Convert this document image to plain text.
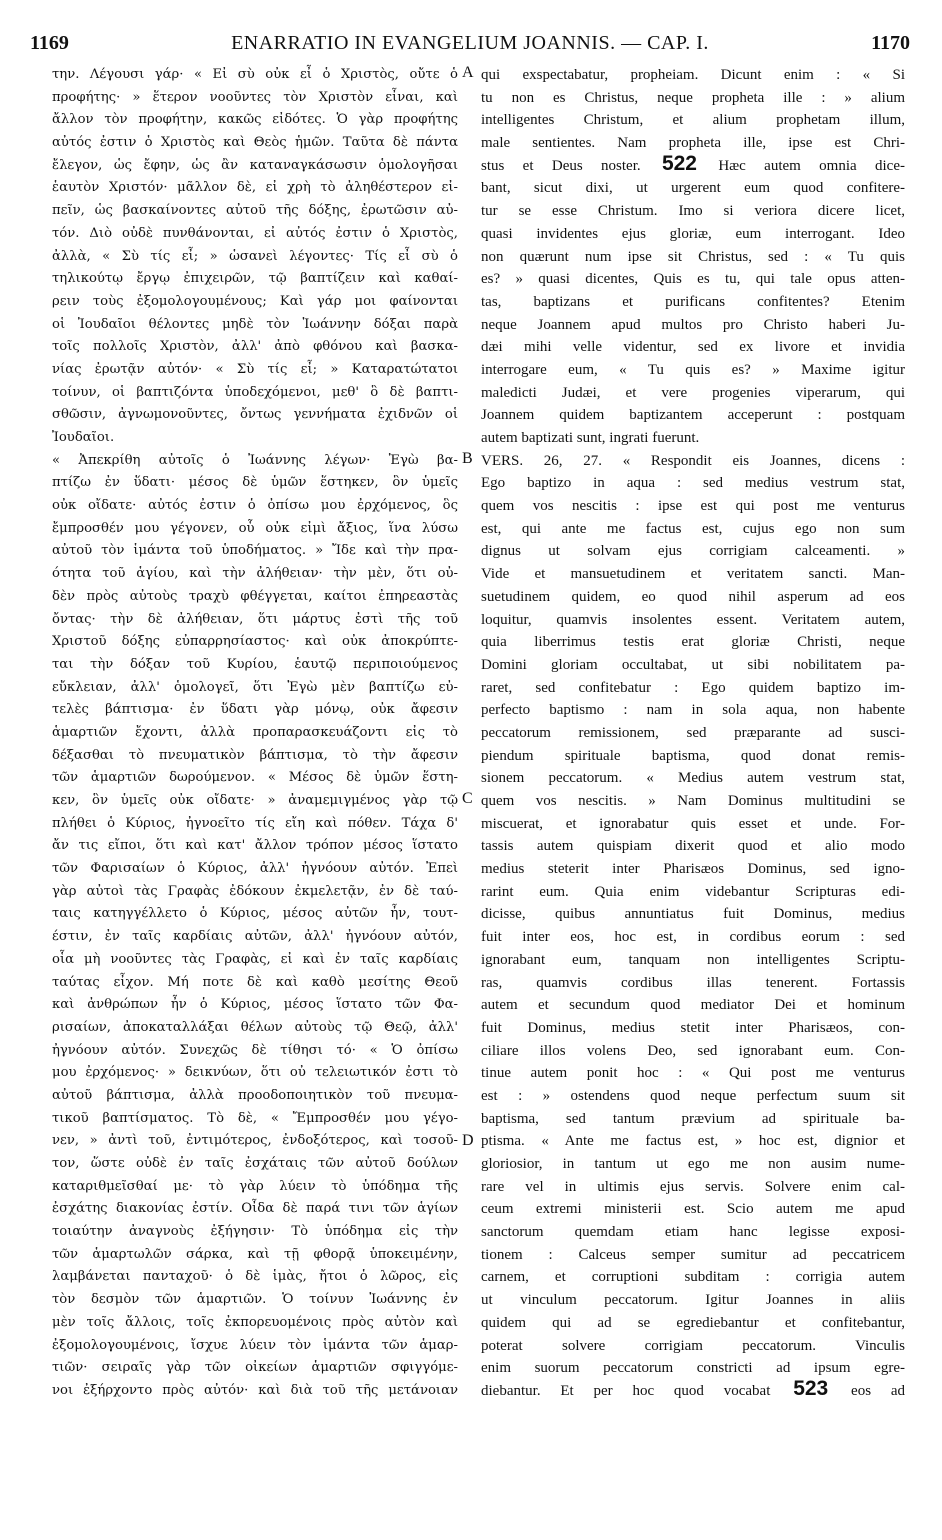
1169	ENARRATIO IN EVANGELIUM JOANNIS. — CAP. I.	1170
την. Λέγουσι γάρ· « Εἰ σὺ οὐκ εἶ ὁ Χριστὸς, οὔτε ὁ
προφήτης· » ἕτερον νοοῦντες τὸν Χριστὸν εἶναι, καὶ
ἄλλον τὸν προφήτην, κακῶς εἰδότες. Ὁ γὰρ προφήτης
αὐτός ἐστιν ὁ Χριστὸς καὶ Θεὸς ἡμῶν. Ταῦτα δὲ πάντα
ἔλεγον, ὡς ἔφην, ὡς ἂν καταναγκάσωσιν ὁμολογῆσαι
ἑαυτὸν Χριστόν· μᾶλλον δὲ, εἰ χρὴ τὸ ἀληθέστερον εἰ-
πεῖν, ὡς βασκαίνοντες αὐτοῦ τῆς δόξης, ἐρωτῶσιν αὐ-
τόν. Διὸ οὐδὲ πυνθάνονται, εἰ αὐτός ἐστιν ὁ Χριστὸς,
ἀλλὰ, « Σὺ τίς εἶ; » ὡσανεὶ λέγοντες· Τίς εἶ σὺ ὁ
τηλικούτῳ ἔργῳ ἐπιχειρῶν, τῷ βαπτίζειν καὶ καθαί-
ρειν τοὺς ἐξομολογουμένους; Καὶ γάρ μοι φαίνονται
οἱ Ἰουδαῖοι θέλοντες μηδὲ τὸν Ἰωάννην δόξαι παρὰ
τοῖς πολλοῖς Χριστὸν, ἀλλ' ἀπὸ φθόνου καὶ βασκα-
νίας ἐρωτᾷν αὐτόν· « Σὺ τίς εἶ; » Καταρατώτατοι
τοίνυν, οἱ βαπτιζόντα ὑποδεχόμενοι, μεθ' ὃ δὲ βαπτι-
σθῶσιν, ἀγνωμονοῦντες, ὄντως γεννήματα ἐχιδνῶν οἱ
Ἰουδαῖοι.
« Ἀπεκρίθη αὐτοῖς ὁ Ἰωάννης λέγων· Ἐγὼ βα-
πτίζω ἐν ὕδατι· μέσος δὲ ὑμῶν ἕστηκεν, ὃν ὑμεῖς
οὐκ οἴδατε· αὐτός ἐστιν ὁ ὀπίσω μου ἐρχόμενος, ὃς
ἔμπροσθέν μου γέγονεν, οὗ οὐκ εἰμὶ ἄξιος, ἵνα λύσω
αὐτοῦ τὸν ἱμάντα τοῦ ὑποδήματος. » Ἴδε καὶ τὴν πρα-
ότητα τοῦ ἁγίου, καὶ τὴν ἀλήθειαν· τὴν μὲν, ὅτι οὐ-
δὲν πρὸς αὐτοὺς τραχὺ φθέγγεται, καίτοι ἐπηρεαστὰς
ὄντας· τὴν δὲ ἀλήθειαν, ὅτι μάρτυς ἐστὶ τῆς τοῦ
Χριστοῦ δόξης εὐπαρρησίαστος· καὶ οὐκ ἀποκρύπτε-
ται τὴν δόξαν τοῦ Κυρίου, ἑαυτῷ περιποιούμενος
εὔκλειαν, ἀλλ' ὁμολογεῖ, ὅτι Ἐγὼ μὲν βαπτίζω εὐ-
τελὲς βάπτισμα· ἐν ὕδατι γὰρ μόνῳ, οὐκ ἄφεσιν
ἁμαρτιῶν ἔχοντι, ἀλλὰ προπαρασκευάζοντι εἰς τὸ
δέξασθαι τὸ πνευματικὸν βάπτισμα, τὸ τὴν ἄφεσιν
τῶν ἁμαρτιῶν δωρούμενον. « Μέσος δὲ ὑμῶν ἕστη-
κεν, ὃν ὑμεῖς οὐκ οἴδατε· » ἀναμεμιγμένος γὰρ τῷ
πλήθει ὁ Κύριος, ἠγνοεῖτο τίς εἴη καὶ πόθεν. Τάχα δ'
ἄν τις εἴποι, ὅτι καὶ κατ' ἄλλον τρόπον μέσος ἵστατο
τῶν Φαρισαίων ὁ Κύριος, ἀλλ' ἠγνόουν αὐτόν. Ἐπεὶ
γὰρ αὐτοὶ τὰς Γραφὰς ἐδόκουν ἐκμελετᾷν, ἐν δὲ ταύ-
ταις κατηγγέλλετο ὁ Κύριος, μέσος αὐτῶν ἦν, τουτ-
έστιν, ἐν ταῖς καρδίαις αὐτῶν, ἀλλ' ἠγνόουν αὐτόν,
οἷα μὴ νοοῦντες τὰς Γραφὰς, εἰ καὶ ἐν ταῖς καρδίαις
ταύτας εἶχον. Μή ποτε δὲ καὶ καθὸ μεσίτης Θεοῦ
καὶ ἀνθρώπων ἦν ὁ Κύριος, μέσος ἵστατο τῶν Φα-
ρισαίων, ἀποκαταλλάξαι θέλων αὐτοὺς τῷ Θεῷ, ἀλλ'
ἠγνόουν αὐτόν. Συνεχῶς δὲ τίθησι τό· « Ὁ ὀπίσω
μου ἐρχόμενος· » δεικνύων, ὅτι οὐ τελειωτικόν ἐστι τὸ
αὐτοῦ βάπτισμα, ἀλλὰ προοδοποιητικὸν τοῦ πνευμα-
τικοῦ βαπτίσματος. Τὸ δὲ, « Ἔμπροσθέν μου γέγο-
νεν, » ἀντὶ τοῦ, ἐντιμότερος, ἐνδοξότερος, καὶ τοσοῦ-
τον, ὥστε οὐδὲ ἐν ταῖς ἐσχάταις τῶν αὐτοῦ δούλων
καταριθμεῖσθαί με· τὸ γὰρ λύειν τὸ ὑπόδημα τῆς
ἐσχάτης διακονίας ἐστίν. Οἶδα δὲ παρά τινι τῶν ἁγίων
τοιαύτην ἀναγνοὺς ἐξήγησιν· Τὸ ὑπόδημα εἰς τὴν
τῶν ἁμαρτωλῶν σάρκα, καὶ τῇ φθορᾷ ὑποκειμένην,
λαμβάνεται πανταχοῦ· ὁ δὲ ἱμὰς, ἤτοι ὁ λῶρος, εἰς
τὸν δεσμὸν τῶν ἁμαρτιῶν. Ὁ τοίνυν Ἰωάννης ἐν
μὲν τοῖς ἄλλοις, τοῖς ἐκπορευομένοις πρὸς αὐτὸν καὶ
ἐξομολογουμένοις, ἴσχυε λύειν τὸν ἱμάντα τῶν ἁμαρ-
τιῶν· σειραῖς γὰρ τῶν οἰκείων ἁμαρτιῶν σφιγγόμε-
νοι ἐξήρχοντο πρὸς αὐτόν· καὶ διὰ τοῦ τῆς μετάνοιαν
qui exspectabatur, propheiam. Dicunt enim : « Si
tu non es Christus, neque propheta ille : » alium
intelligentes Christum, et alium prophetam illum,
male sentientes. Nam propheta ille, ipse est Chri-
stus et Deus noster. 522 Hæc autem omnia dice-
bant, sicut dixi, ut urgerent eum quod confitere-
tur se esse Christum. Imo si veriora dicere licet,
quasi invidentes ejus gloriæ, eum interrogant. Ideo
non quærunt num ipse sit Christus, sed : « Tu quis
es? » quasi dicentes, Quis es tu, qui tale opus atten-
tas, baptizans et purificans confitentes? Etenim
neque Joannem apud multos pro Christo haberi Ju-
dæi mihi velle videntur, sed ex livore et invidia
interrogare eum, « Tu quis es? » Maxime igitur
maledicti Judæi, et vere progenies viperarum, qui
Joannem quidem baptizantem acceperunt : postquam
autem baptizati sunt, ingrati fuerunt.
VERS. 26, 27. « Respondit eis Joannes, dicens :
Ego baptizo in aqua : sed medius vestrum stat,
quem vos nescitis : ipse est qui post me venturus
est, qui ante me factus est, cujus ego non sum
dignus ut solvam ejus corrigiam calceamenti. »
Vide et mansuetudinem et veritatem sancti. Man-
suetudinem quidem, eo quod nihil asperum ad eos
loquitur, quamvis insolentes essent. Veritatem autem,
quia liberrimus testis erat gloriæ Christi, neque
Domini gloriam occultabat, ut sibi nobilitatem pa-
raret, sed confitebatur : Ego quidem baptizo im-
perfecto baptismo : nam in sola aqua, non habente
peccatorum remissionem, sed præparante ad susci-
piendum spirituale baptisma, quod donat remis-
sionem peccatorum. « Medius autem vestrum stat,
quem vos nescitis. » Nam Dominus multitudini se
miscuerat, et ignorabatur quis esset et unde. For-
tassis autem quispiam dixerit quod et alio modo
medius steterit inter Pharisæos Dominus, sed igno-
rarint eum. Quia enim videbantur Scripturas edi-
dicisse, quibus annuntiatus fuit Dominus, medius
fuit inter eos, hoc est, in cordibus eorum : sed
ignorabant eum, tanquam non intelligentes Scriptu-
ras, quamvis cordibus illas tenerent. Fortassis
autem et secundum quod mediator Dei et hominum
fuit Dominus, medius stetit inter Pharisæos, con-
ciliare illos volens Deo, sed ignorabant eum. Con-
tinue autem ponit hoc : « Qui post me venturus
est : » ostendens quod neque perfectum suum sit
baptisma, sed tantum prævium ad spirituale ba-
ptisma. « Ante me factus est, » hoc est, dignior et
gloriosior, in tantum ut ego me non ausim nume-
rare vel in ultimis ejus servis. Solvere enim cal-
ceum extremi ministerii est. Scio autem me apud
sanctorum quemdam etiam hanc legisse exposi-
tionem : Calceus semper sumitur ad peccatricem
carnem, et corruptioni subditam : corrigia autem
ut vinculum peccatorum. Igitur Joannes in aliis
quidem qui ad se egrediebantur et confitebantur,
poterat solvere corrigiam peccatorum. Vinculis
enim suorum peccatorum constricti ad ipsum egre-
diebantur. Et per hoc quod vocabat 523 eos ad
A
B
C
D
